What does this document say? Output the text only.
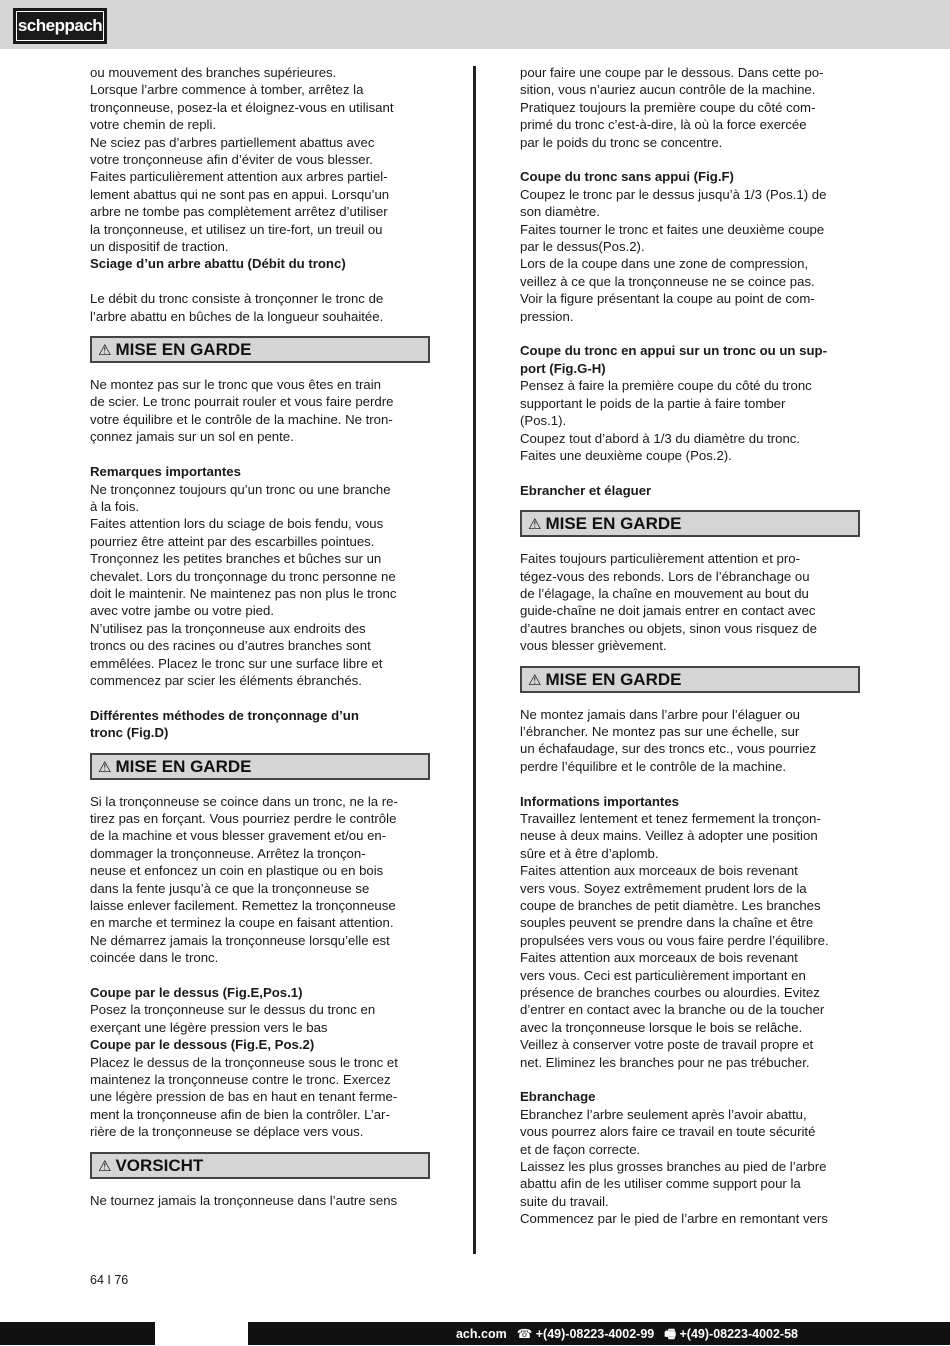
scheppach

ou mouvement des branches supérieures.

Lorsque l’arbre commence à tomber, arrêtez la

tronçonneuse, posez-la et éloignez-vous en utilisant

votre chemin de repli.

Ne sciez pas d’arbres partiellement abattus avec

votre tronçonneuse afin d’éviter de vous blesser.

Faites particulièrement attention aux arbres partiel-

lement abattus qui ne sont pas en appui. Lorsqu’un

arbre ne tombe pas complètement arrêtez d’utiliser

la tronçonneuse, et utilisez un tire-fort, un treuil ou

un dispositif de traction.

Sciage d’un arbre abattu (Débit du tronc)

Le débit du tronc consiste à tronçonner le tronc de

l’arbre abattu en bûches de la longueur souhaitée.

⚠ MISE EN GARDE

Ne montez pas sur le tronc que vous êtes en train

de scier. Le tronc pourrait rouler et vous faire perdre

votre équilibre et le contrôle de la machine. Ne tron-

çonnez jamais sur un sol en pente.

Remarques importantes

Ne tronçonnez toujours qu’un tronc ou une branche

à la fois.

Faites attention lors du sciage de bois fendu, vous

pourriez être atteint par des escarbilles pointues.

Tronçonnez les petites branches et bûches sur un

chevalet. Lors du tronçonnage du tronc personne ne

doit le maintenir. Ne maintenez pas non plus le tronc

avec votre jambe ou votre pied.

N’utilisez pas la tronçonneuse aux endroits des

troncs ou des racines ou d’autres branches sont

emmêlées. Placez le tronc sur une surface libre et

commencez par scier les éléments ébranchés.

Différentes méthodes de tronçonnage d’un

tronc (Fig.D)

⚠ MISE EN GARDE

Si la tronçonneuse se coince dans un tronc, ne la re-

tirez pas en forçant. Vous pourriez perdre le contrôle

de la machine et vous blesser gravement et/ou en-

dommager la tronçonneuse. Arrêtez la tronçon-

neuse et enfoncez un coin en plastique ou en bois

dans la fente jusqu’à ce que la tronçonneuse se

laisse enlever facilement. Remettez la tronçonneuse

en marche et terminez la coupe en faisant attention.

Ne démarrez jamais la tronçonneuse lorsqu’elle est

coincée dans le tronc.

Coupe par le dessus (Fig.E,Pos.1)

Posez la tronçonneuse sur le dessus du tronc en

exerçant une légère pression vers le bas

Coupe par le dessous (Fig.E, Pos.2)

Placez le dessus de la tronçonneuse sous le tronc et

maintenez la tronçonneuse contre le tronc. Exercez

une légère pression de bas en haut en tenant ferme-

ment la tronçonneuse afin de bien la contrôler. L’ar-

rière de la tronçonneuse se déplace vers vous.

⚠ VORSICHT

Ne tournez jamais la tronçonneuse dans l’autre sens

pour faire une coupe par le dessous. Dans cette po-

sition, vous n’auriez aucun contrôle de la machine.

Pratiquez toujours la première coupe du côté com-

primé du tronc c’est-à-dire, là où la force exercée

par le poids du tronc se concentre.

Coupe du tronc sans appui (Fig.F)

Coupez le tronc par le dessus jusqu’à 1/3 (Pos.1) de

son diamètre.

Faites tourner le tronc et faites une deuxième coupe

par le dessus(Pos.2).

Lors de la coupe dans une zone de compression,

veillez à ce que la tronçonneuse ne se coince pas.

Voir la figure présentant la coupe au point de com-

pression.

Coupe du tronc en appui sur un tronc ou un sup-

port (Fig.G-H)

Pensez à faire la première coupe du côté du tronc

supportant le poids de la partie à faire tomber

(Pos.1).

Coupez tout d’abord à 1/3 du diamètre du tronc.

Faites une deuxième coupe (Pos.2).

Ebrancher et élaguer

⚠ MISE EN GARDE

Faites toujours particulièrement attention et pro-

tégez-vous des rebonds. Lors de l’ébranchage ou

de l’élagage, la chaîne en mouvement au bout du

guide-chaîne ne doit jamais entrer en contact avec

d’autres branches ou objets, sinon vous risquez de

vous blesser grièvement.

⚠ MISE EN GARDE

Ne montez jamais dans l’arbre pour l’élaguer ou

l’ébrancher. Ne montez pas sur une échelle, sur

un échafaudage, sur des troncs etc., vous pourriez

perdre l’équilibre et le contrôle de la machine.

Informations importantes

Travaillez lentement et tenez fermement la tronçon-

neuse à deux mains. Veillez à adopter une position

sûre et à être d’aplomb.

Faites attention aux morceaux de bois revenant

vers vous. Soyez extrêmement prudent lors de la

coupe de branches de petit diamètre. Les branches

souples peuvent se prendre dans la chaîne et être

propulsées vers vous ou vous faire perdre l’équilibre.

Faites attention aux morceaux de bois revenant

vers vous. Ceci est particulièrement important en

présence de branches courbes ou alourdies. Evitez

d’entrer en contact avec la branche ou de la toucher

avec la tronçonneuse lorsque le bois se relâche.

Veillez à conserver votre poste de travail propre et

net. Eliminez les branches pour ne pas trébucher.

Ebranchage

Ebranchez l’arbre seulement après l’avoir abattu,

vous pourrez alors faire ce travail en toute sécurité

et de façon correcte.

Laissez les plus grosses branches au pied de l’arbre

abattu afin de les utiliser comme support pour la

suite du travail.

Commencez par le pied de l’arbre en remontant vers

64 I 76
ach.com ☎ +(49)-08223-4002-99 🖷 +(49)-08223-4002-58
